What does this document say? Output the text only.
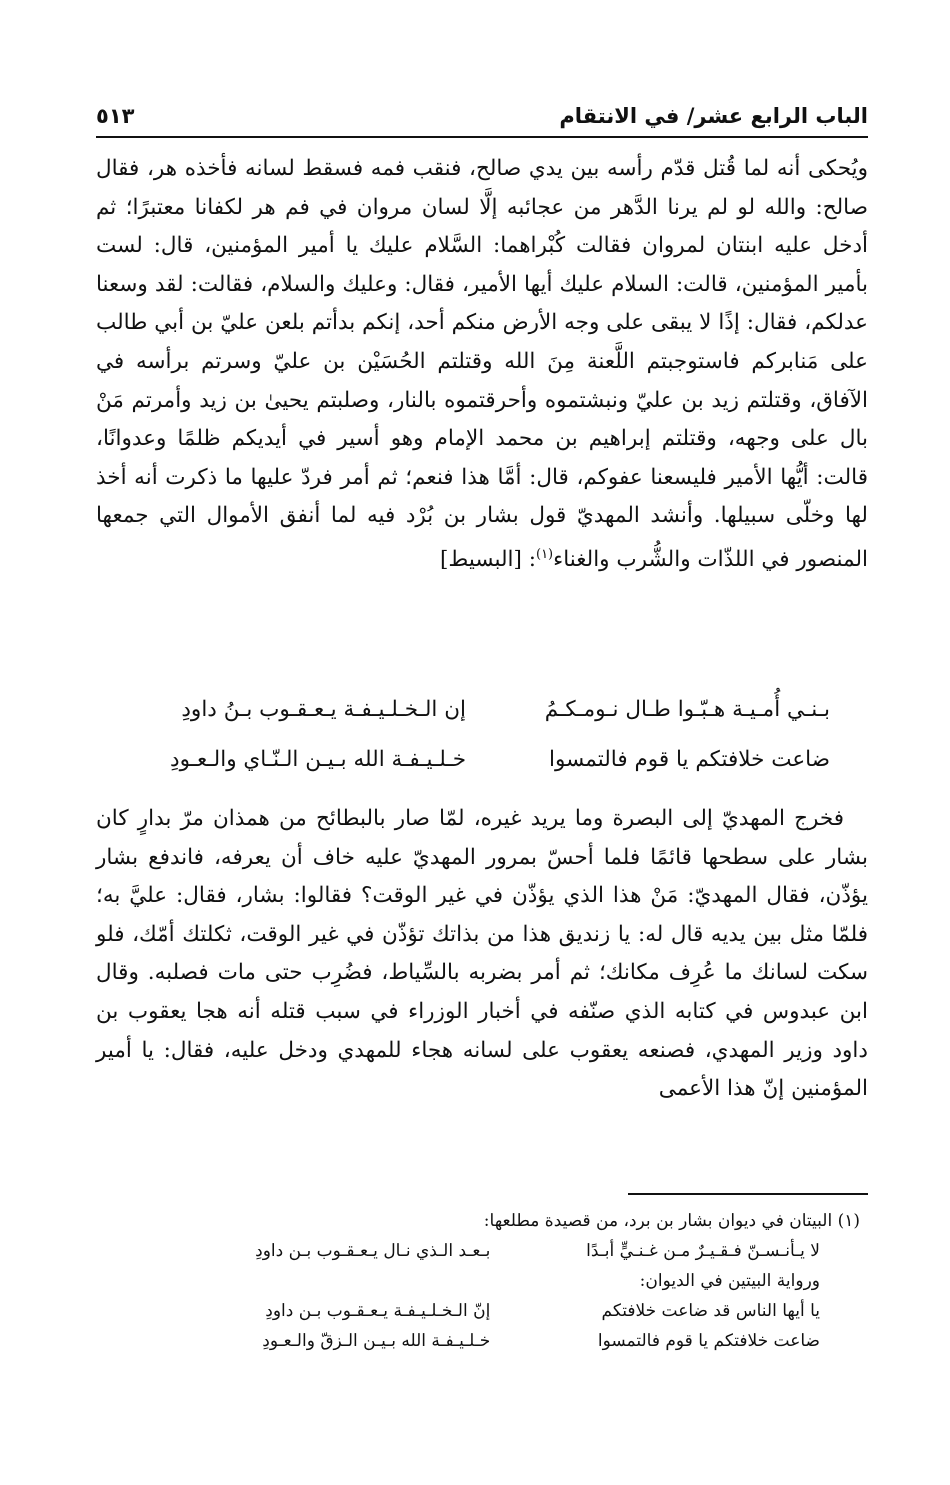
الباب الرابع عشر/ في الانتقام
٥١٣

ويُحكى أنه لما قُتل قدّم رأسه بين يدي صالح، فنقب فمه فسقط لسانه فأخذه هر، فقال صالح: والله لو لم يرنا الدَّهر من عجائبه إلَّا لسان مروان في فم هر لكفانا معتبرًا؛ ثم أدخل عليه ابنتان لمروان فقالت كُبْراهما: السَّلام عليك يا أمير المؤمنين، قال: لست بأمير المؤمنين، قالت: السلام عليك أيها الأمير، فقال: وعليك والسلام، فقالت: لقد وسعنا عدلكم، فقال: إذًا لا يبقى على وجه الأرض منكم أحد، إنكم بدأتم بلعن عليّ بن أبي طالب على مَنابركم فاستوجبتم اللَّعنة مِنَ الله وقتلتم الحُسَيْن بن عليّ وسرتم برأسه في الآفاق، وقتلتم زيد بن عليّ ونبشتموه وأحرقتموه بالنار، وصلبتم يحيىٰ بن زيد وأمرتم مَنْ بال على وجهه، وقتلتم إبراهيم بن محمد الإمام وهو أسير في أيديكم ظلمًا وعدوانًا، قالت: أيُّها الأمير فليسعنا عفوكم، قال: أمَّا هذا فنعم؛ ثم أمر فردّ عليها ما ذكرت أنه أخذ لها وخلّى سبيلها. وأنشد المهديّ قول بشار بن بُرْد فيه لما أنفق الأموال التي جمعها المنصور في اللذّات والشُّرب والغناء$^{(١)}$: [البسيط]

بـنـي أُمـيـة هـبّـوا طـال نـومـكـمُ
إن الـخـلـيـفـة يـعـقـوب بـنُ داودِ
ضاعت خلافتكم يا قوم فالتمسوا
خـلـيـفـة الله بـيـن الـنّـاي والـعـودِ

فخرج المهديّ إلى البصرة وما يريد غيره، لمّا صار بالبطائح من همذان مرّ بدارٍ كان بشار على سطحها قائمًا فلما أحسّ بمرور المهديّ عليه خاف أن يعرفه، فاندفع بشار يؤذّن، فقال المهديّ: مَنْ هذا الذي يؤذّن في غير الوقت؟ فقالوا: بشار، فقال: عليَّ به؛ فلمّا مثل بين يديه قال له: يا زنديق هذا من بذاتك تؤذّن في غير الوقت، ثكلتك أمّك، فلو سكت لسانك ما عُرِف مكانك؛ ثم أمر بضربه بالسِّياط، فضُرِب حتى مات فصلبه. وقال ابن عبدوس في كتابه الذي صنّفه في أخبار الوزراء في سبب قتله أنه هجا يعقوب بن داود وزير المهدي، فصنعه يعقوب على لسانه هجاء للمهدي ودخل عليه، فقال: يا أمير المؤمنين إنّ هذا الأعمى

(١) البيتان في ديوان بشار بن برد، من قصيدة مطلعها:

لا يـأنـسـنّ فـقـيـرٌ مـن غـنـيٍّ أبـدًا
بـعـد الـذي نـال يـعـقـوب بـن داودِ

ورواية البيتين في الديوان:

يا أيها الناس قد ضاعت خلافتكم
إنّ الـخـلـيـفـة يـعـقـوب بـن داودِ
ضاعت خلافتكم يا قوم فالتمسوا
خـلـيـفـة الله بـيـن الـزقّ والـعـودِ
